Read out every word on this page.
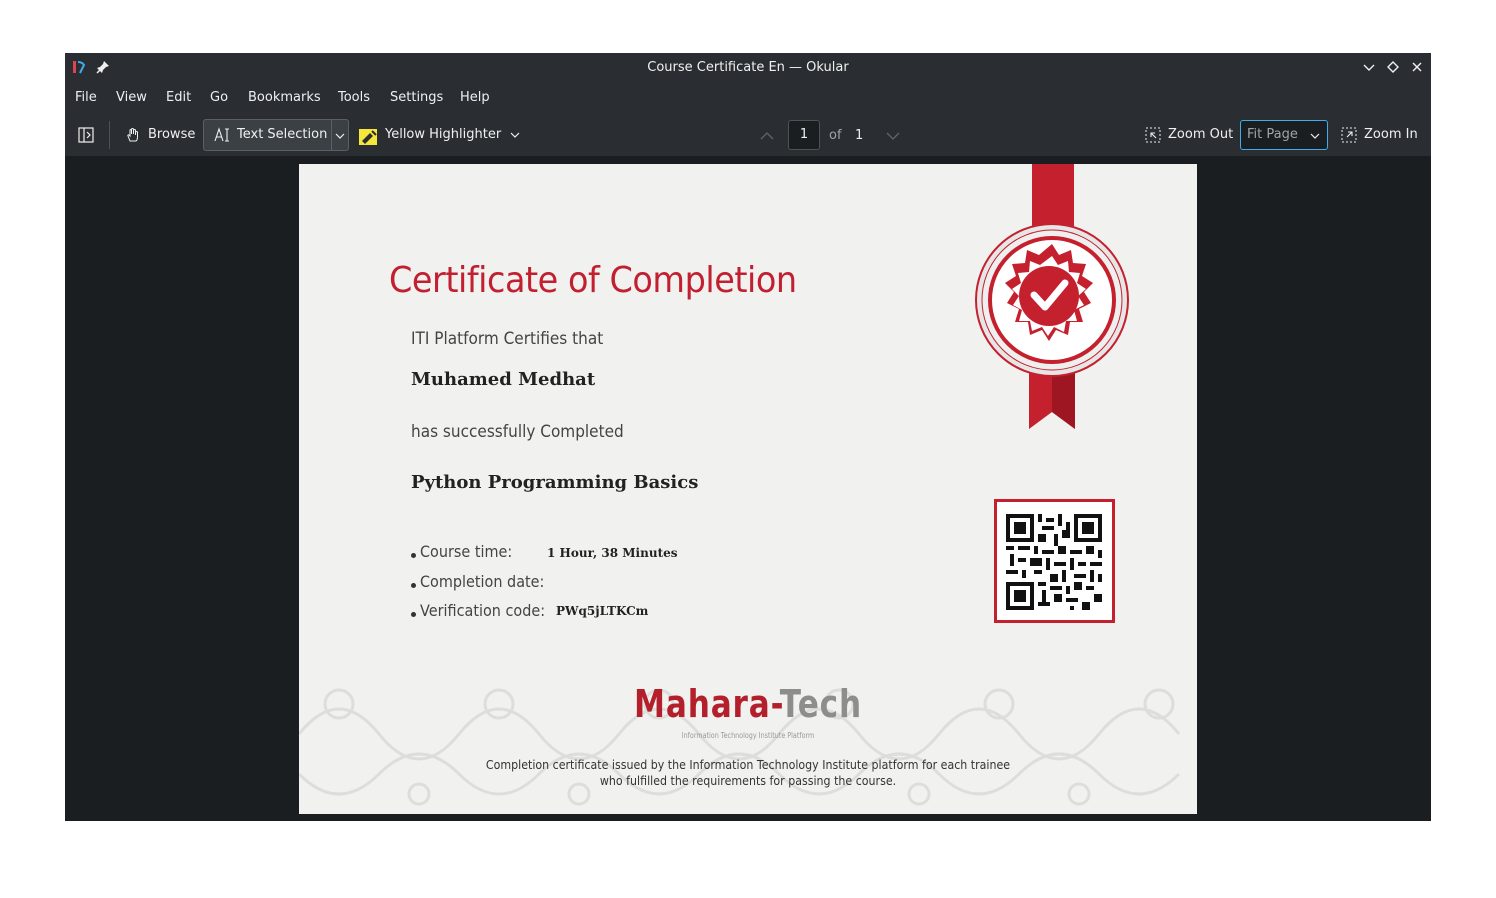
Course Certificate En — Okular
File View Edit Go Bookmarks Tools Settings Help
Browse	Text Selection	Yellow Highlighter	1	of 1	Zoom Out Fit Page	Zoom In
Certificate of Completion
ITI Platform Certifies that
Muhamed Medhat
has successfully Completed
Python Programming Basics
Course time:	1 Hour, 38 Minutes
Completion date:
Verification code: PWq5jLTKCm
Mahara-Tech
Information Technology Institute Platform
Completion certificate issued by the Information Technology Institute platform for each trainee
who fulfilled the requirements for passing the course.
